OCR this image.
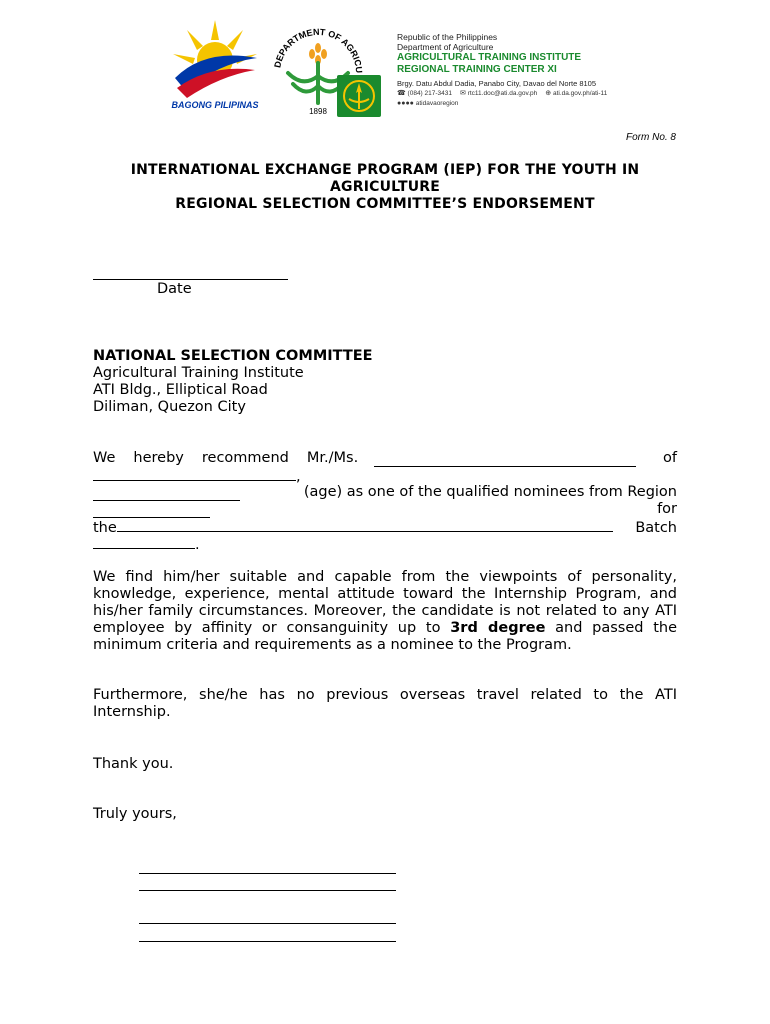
BAGONG PILIPINAS
DEPARTMENT OF AGRICU
1898
Republic of the Philippines
Department of Agriculture
AGRICULTURAL TRAINING INSTITUTE
REGIONAL TRAINING CENTER XI
Brgy. Datu Abdul Dadia, Panabo City, Davao del Norte 8105
☎ (084) 217-3431 ✉ rtc11.doc@ati.da.gov.ph ⊕ ati.da.gov.ph/ati-11
●●●● atidavaoregion
Form No. 8
INTERNATIONAL EXCHANGE PROGRAM (IEP) FOR THE YOUTH IN
AGRICULTURE
REGIONAL SELECTION COMMITTEE’S ENDORSEMENT
Date
NATIONAL SELECTION COMMITTEE
Agricultural Training Institute
ATI Bldg., Elliptical Road
Diliman, Quezon City
We hereby recommend Mr./Ms.	of
,
(age) as one of the qualified nominees from Region
for
the	Batch
.
We find him/her suitable and capable from the viewpoints of personality, knowledge, experience, mental attitude toward the Internship Program, and his/her family circumstances. Moreover, the candidate is not related to any ATI employee by affinity or consanguinity up to 3rd degree and passed the minimum criteria and requirements as a nominee to the Program.
Furthermore, she/he has no previous overseas travel related to the ATI Internship.
Thank you.
Truly yours,
